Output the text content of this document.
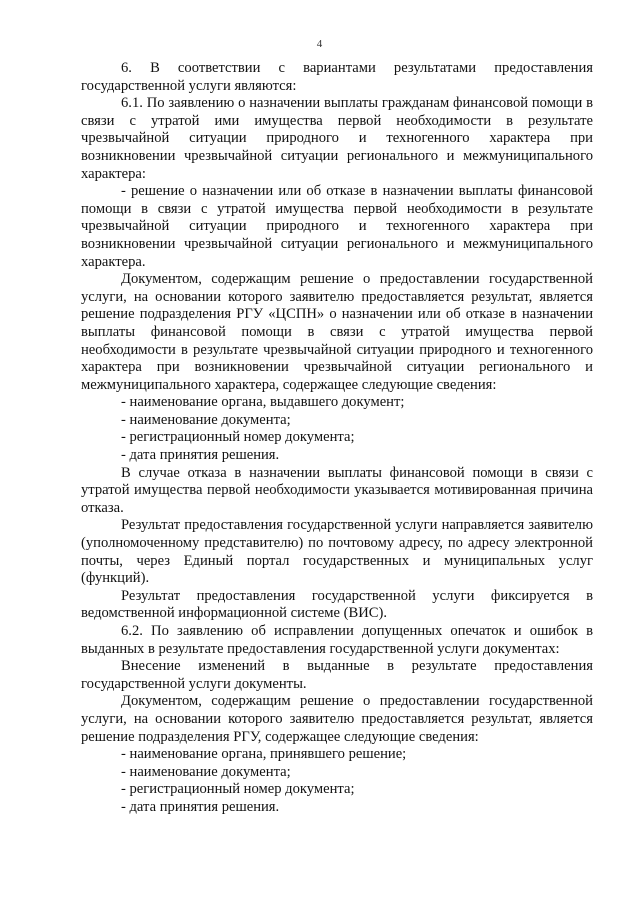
4

6. В соответствии с вариантами результатами предоставления государственной услуги являются:

6.1. По заявлению о назначении выплаты гражданам финансовой помощи в связи с утратой ими имущества первой необходимости в результате чрезвычайной ситуации природного и техногенного характера при возникновении чрезвычайной ситуации регионального и межмуниципального характера:

- решение о назначении или об отказе в назначении выплаты финансовой помощи в связи с утратой имущества первой необходимости в результате чрезвычайной ситуации природного и техногенного характера при возникновении чрезвычайной ситуации регионального и межмуниципального характера.

Документом, содержащим решение о предоставлении государственной услуги, на основании которого заявителю предоставляется результат, является решение подразделения РГУ «ЦСПН» о назначении или об отказе в назначении выплаты финансовой помощи в связи с утратой имущества первой необходимости в результате чрезвычайной ситуации природного и техногенного характера при возникновении чрезвычайной ситуации регионального и межмуниципального характера, содержащее следующие сведения:

- наименование органа, выдавшего документ;

- наименование документа;

- регистрационный номер документа;

- дата принятия решения.

В случае отказа в назначении выплаты финансовой помощи в связи с утратой имущества первой необходимости указывается мотивированная причина отказа.

Результат предоставления государственной услуги направляется заявителю (уполномоченному представителю) по почтовому адресу, по адресу электронной почты, через Единый портал государственных и муниципальных услуг (функций).

Результат предоставления государственной услуги фиксируется в ведомственной информационной системе (ВИС).

6.2. По заявлению об исправлении допущенных опечаток и ошибок в выданных в результате предоставления государственной услуги документах:

Внесение изменений в выданные в результате предоставления государственной услуги документы.

Документом, содержащим решение о предоставлении государственной услуги, на основании которого заявителю предоставляется результат, является решение подразделения РГУ, содержащее следующие сведения:

- наименование органа, принявшего решение;

- наименование документа;

- регистрационный номер документа;

- дата принятия решения.
